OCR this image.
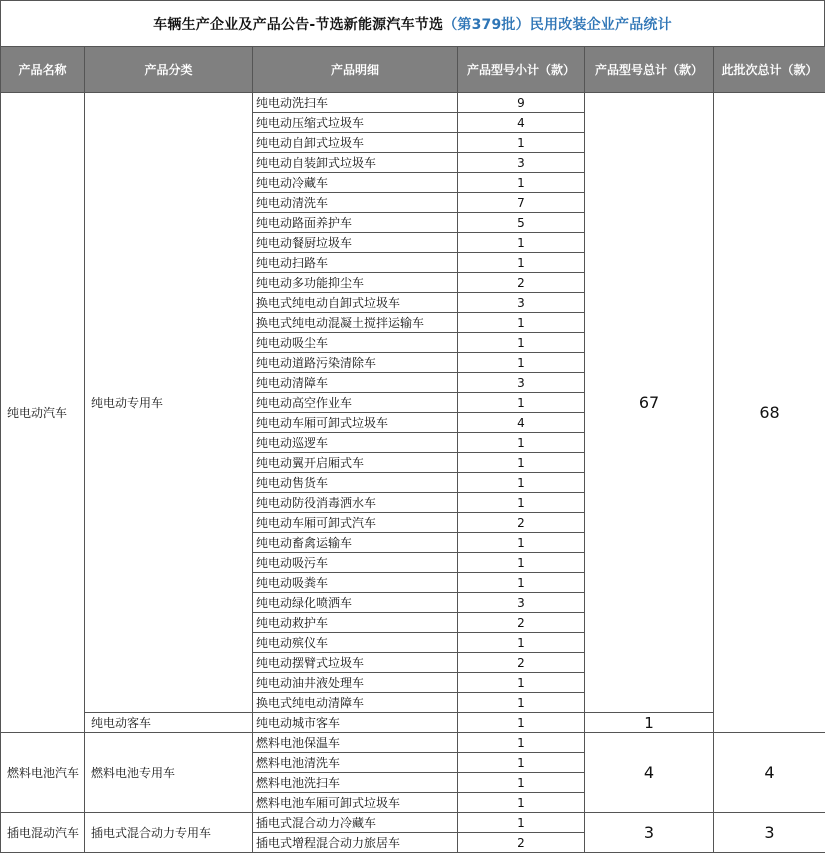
车辆生产企业及产品公告-节选新能源汽车节选 （第379批）民用改装企业产品统计
产品名称	产品分类	产品明细	产品型号小计（款）	产品型号总计（款）	此批次总计（款）
纯电动汽车	纯电动专用车	纯电动洗扫车	9	67	68
		纯电动压缩式垃圾车	4		
		纯电动自卸式垃圾车	1		
		纯电动自装卸式垃圾车	3		
		纯电动冷藏车	1		
		纯电动清洗车	7		
		纯电动路面养护车	5		
		纯电动餐厨垃圾车	1		
		纯电动扫路车	1		
		纯电动多功能抑尘车	2		
		换电式纯电动自卸式垃圾车	3		
		换电式纯电动混凝土搅拌运输车	1		
		纯电动吸尘车	1		
		纯电动道路污染清除车	1		
		纯电动清障车	3		
		纯电动高空作业车	1		
		纯电动车厢可卸式垃圾车	4		
		纯电动巡逻车	1		
		纯电动翼开启厢式车	1		
		纯电动售货车	1		
		纯电动防役消毒洒水车	1		
		纯电动车厢可卸式汽车	2		
		纯电动畜禽运输车	1		
		纯电动吸污车	1		
		纯电动吸粪车	1		
		纯电动绿化喷洒车	3		
		纯电动救护车	2		
		纯电动殡仪车	1		
		纯电动摆臂式垃圾车	2		
		纯电动油井液处理车	1		
		换电式纯电动清障车	1		
	纯电动客车	纯电动城市客车	1	1	
燃料电池汽车	燃料电池专用车	燃料电池保温车	1	4	4
		燃料电池清洗车	1		
		燃料电池洗扫车	1		
		燃料电池车厢可卸式垃圾车	1		
插电混动汽车	插电式混合动力专用车	插电式混合动力冷藏车	1	3	3
		插电式增程混合动力旅居车	2		
